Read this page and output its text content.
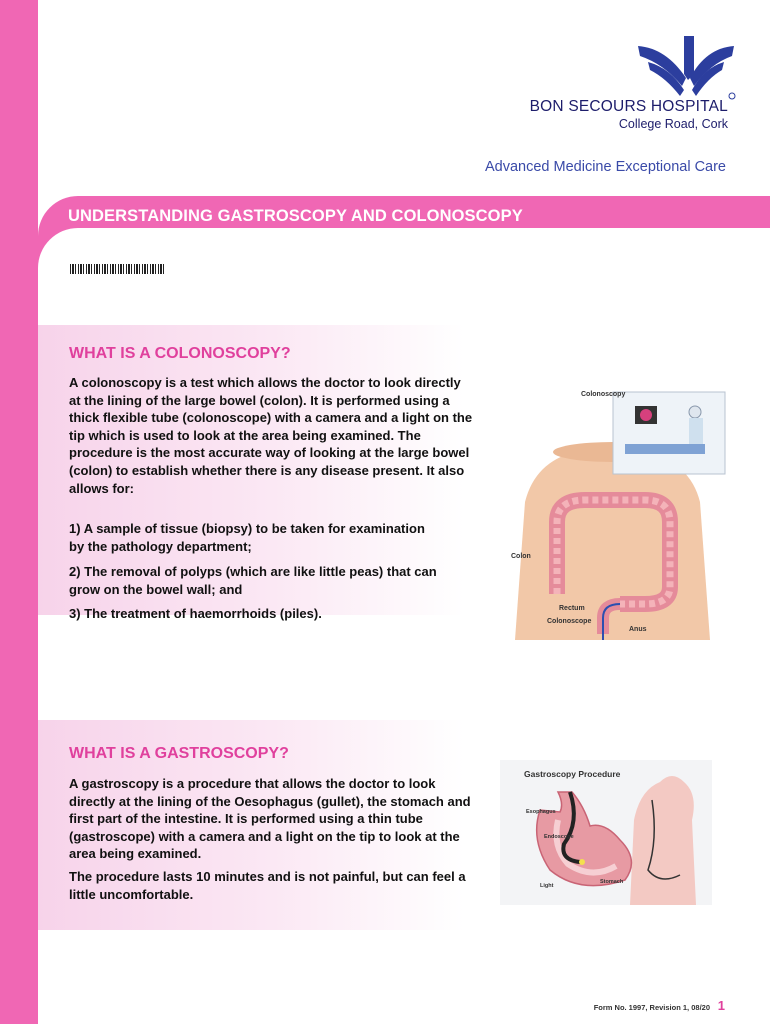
BON SECOURS HOSPITAL

College Road, Cork

Advanced Medicine Exceptional Care

UNDERSTANDING GASTROSCOPY AND COLONOSCOPY

What is Combined Colonoscopy and Oseophago-Gastro Duodenosocpy (OGD)

WHAT IS A COLONOSCOPY?

A colonoscopy is a test which allows the doctor to look directly at the lining of the large bowel (colon). It is performed using a thick flexible tube (colonoscope) with a camera and a light on the tip which is used to look at the area being examined. The procedure is the most accurate way of looking at the large bowel (colon) to establish whether there is any disease present. It also allows for:

1) A sample of tissue (biopsy) to be taken for examination by the pathology department;

2) The removal of polyps (which are like little peas) that can grow on the bowel wall; and

3) The treatment of haemorrhoids (piles).

Colonoscopy
Colon
Rectum
Colonoscope
Anus
WHAT IS A GASTROSCOPY?

A gastroscopy is a procedure that allows the doctor to look directly at the lining of the Oesophagus (gullet), the stomach and first part of the intestine. It is performed using a thin tube (gastroscope) with a camera and a light on the tip to look at the area being examined.

The procedure lasts 10 minutes and is not painful, but can feel a little uncomfortable.

Gastroscopy Procedure
Esophagus
Endoscope
Light
Stomach

Form No. 1997, Revision 1, 08/20 1
